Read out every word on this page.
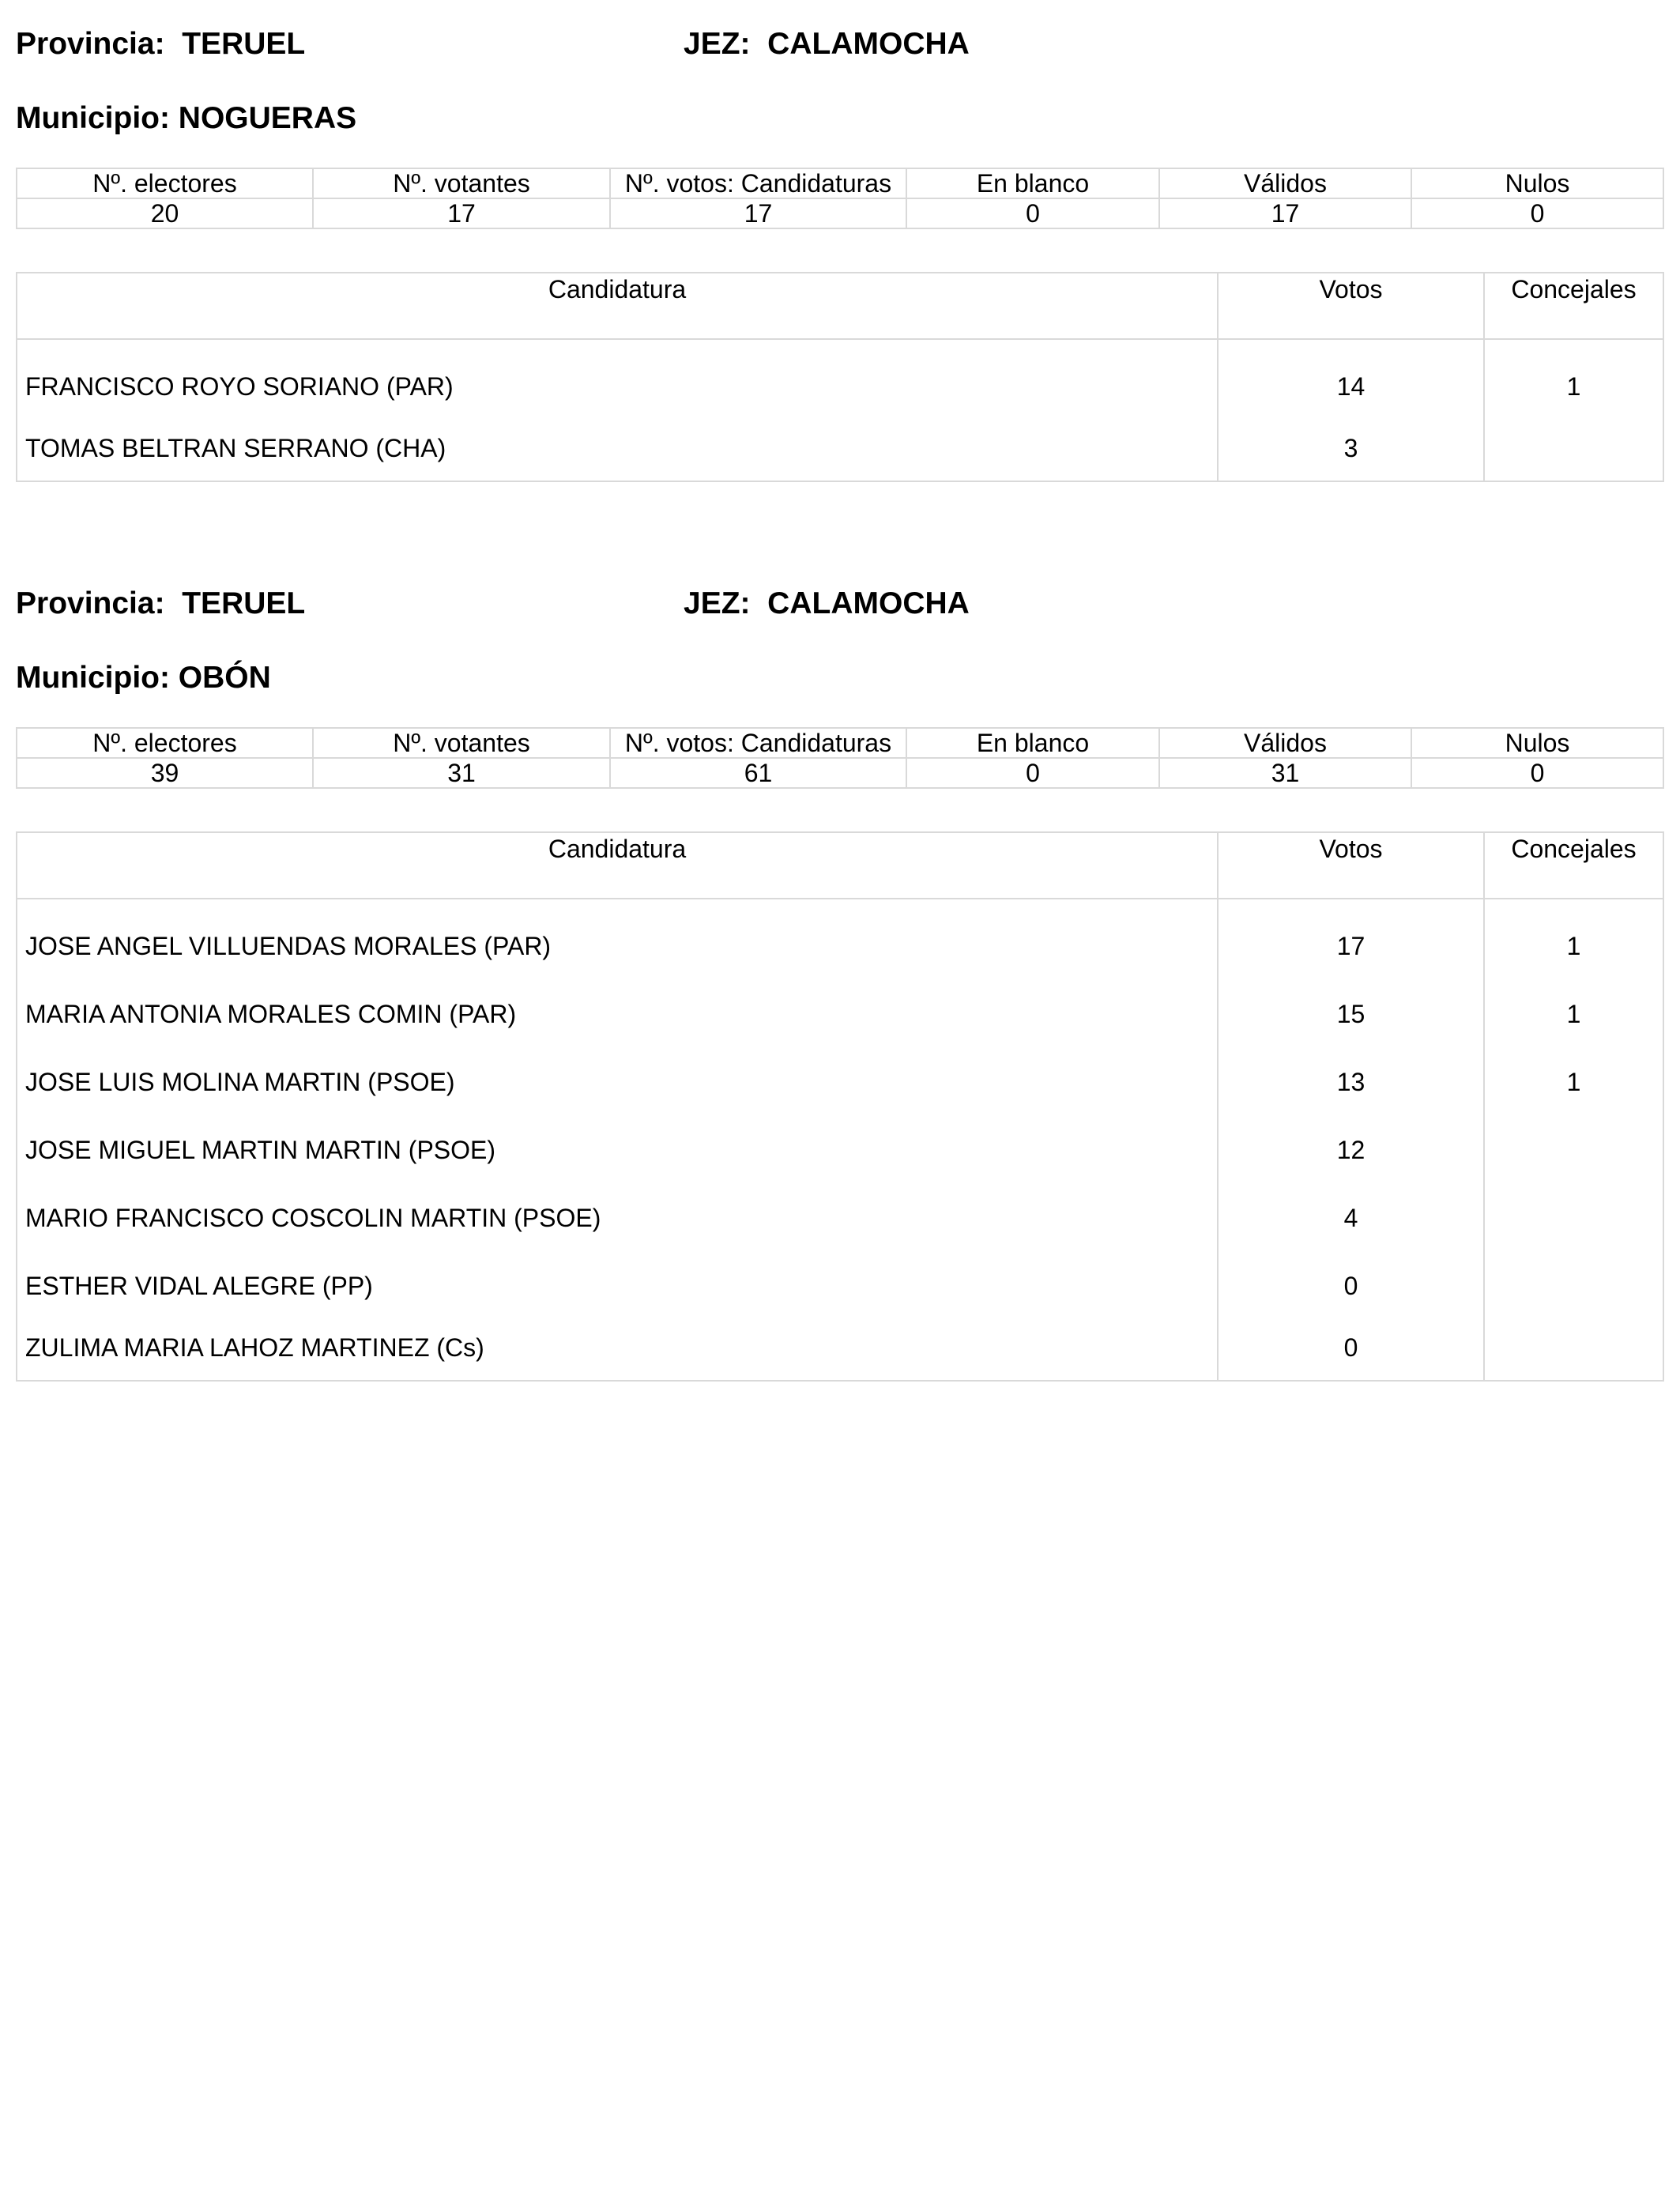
Provincia:  TERUEL	JEZ:  CALAMOCHA
Municipio: NOGUERAS
Nº. electores	Nº. votantes	Nº. votos: Candidaturas	En blanco	Válidos	Nulos
20	17	17	0	17	0
Candidatura	Votos	Concejales
FRANCISCO ROYO SORIANO (PAR)	14	1
TOMAS BELTRAN SERRANO (CHA)	3	
Provincia:  TERUEL	JEZ:  CALAMOCHA
Municipio: OBÓN
Nº. electores	Nº. votantes	Nº. votos: Candidaturas	En blanco	Válidos	Nulos
39	31	61	0	31	0
Candidatura	Votos	Concejales
JOSE ANGEL VILLUENDAS MORALES (PAR)	17	1
MARIA ANTONIA MORALES COMIN (PAR)	15	1
JOSE LUIS MOLINA MARTIN (PSOE)	13	1
JOSE MIGUEL MARTIN MARTIN (PSOE)	12	
MARIO FRANCISCO COSCOLIN MARTIN (PSOE)	4	
ESTHER VIDAL ALEGRE (PP)	0	
ZULIMA MARIA LAHOZ MARTINEZ (Cs)	0	
